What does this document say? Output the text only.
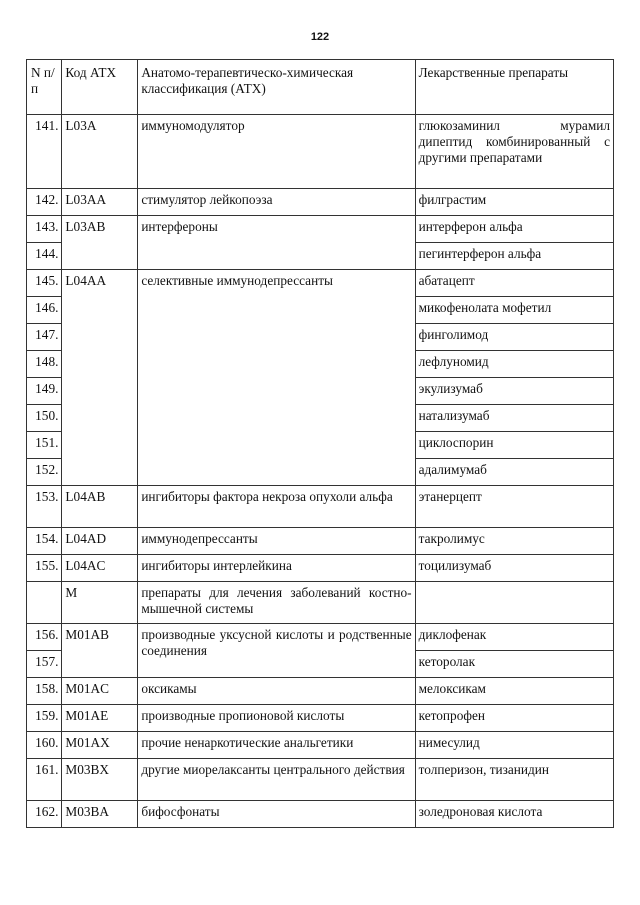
122
N п/п	Код АТХ	Анатомо-терапевтическо-химическая классификация (АТХ)	Лекарственные препараты
141.	L03A	иммуномодулятор	глюкозаминил мурамил дипептид комбинированный с другими препаратами
142.	L03AA	стимулятор лейкопоэза	филграстим
143.	L03AB	интерфероны	интерферон альфа
144.			пегинтерферон альфа
145.	L04AA	селективные иммунодепрессанты	абатацепт
146.			микофенолата мофетил
147.			финголимод
148.			лефлуномид
149.			экулизумаб
150.			натализумаб
151.			циклоспорин
152.			адалимумаб
153.	L04AB	ингибиторы фактора некроза опухоли альфа	этанерцепт
154.	L04AD	иммунодепрессанты	такролимус
155.	L04AC	ингибиторы интерлейкина	тоцилизумаб
	M	препараты для лечения заболеваний костно-мышечной системы	
156.	M01AB	производные уксусной кислоты и родственные соединения	диклофенак
157.			кеторолак
158.	M01AC	оксикамы	мелоксикам
159.	M01AE	производные пропионовой кислоты	кетопрофен
160.	M01AX	прочие ненаркотические анальгетики	нимесулид
161.	M03BX	другие миорелаксанты центрального действия	толперизон, тизанидин
162.	M03BA	бифосфонаты	золедроновая кислота
